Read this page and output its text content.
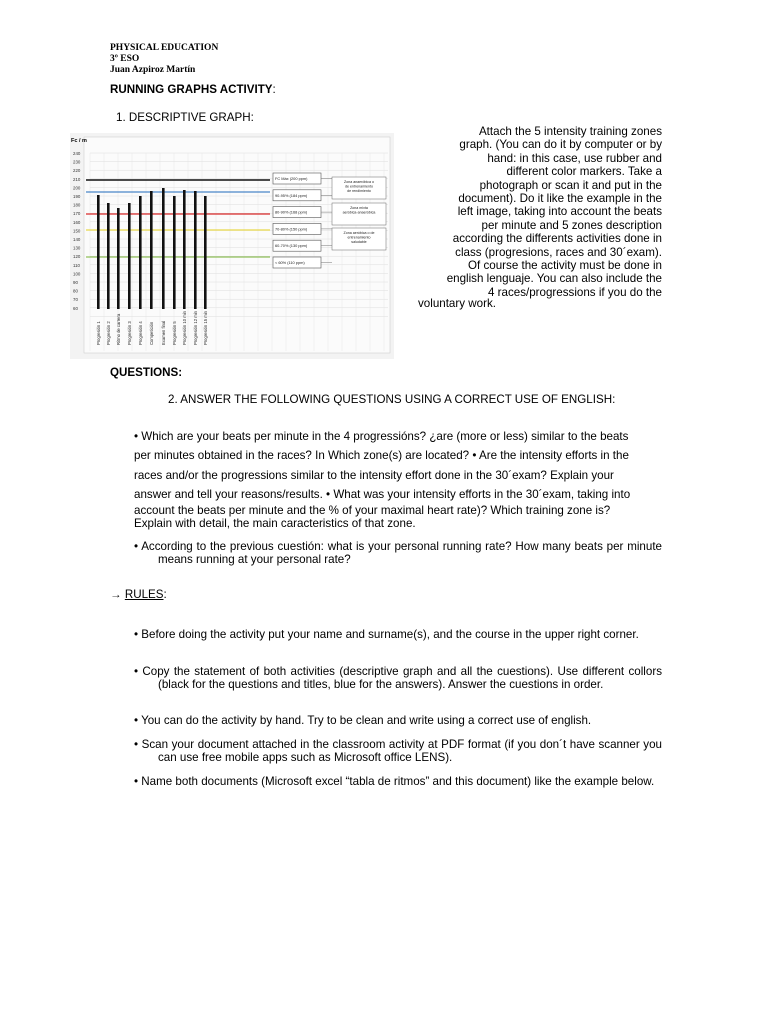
PHYSICAL EDUCATION
3º ESO
Juan Azpiroz Martín
RUNNING GRAPHS ACTIVITY:
1. DESCRIPTIVE GRAPH:
240
230
220
210
200
190
180
170
160
150
140
130
120
110
100
90
80
70
60
Fc / m
Progresión 1 Progresión 2 Ritmo de carrera Progresión 3 Progresión 4 Competición Examen final Progresión 5 Progresión 10 min Progresión 12 min Progresión 15 min
FC Máx (200 ppm)
90-95% (184 ppm)
80-90% (168 ppm)
70-80% (150 ppm)
60-70% (130 ppm)
< 60% (110 ppm)
Zona anaeróbica o
de entrenamiento
de rendimiento
Zona mixta
aeróbica-anaeróbica
Zona aeróbica o de
entrenamiento
saludable
Attach the 5 intensity training zones
graph. (You can do it by computer or by
hand: in this case, use rubber and
different color markers. Take a
photograph or scan it and put in the
document). Do it like the example in the
left image, taking into account the beats
per minute and 5 zones description
according the differents activities done in
class (progresions, races and 30´exam).
Of course the activity must be done in
english lenguaje. You can also include the
4 races/progressions if you do the
voluntary work.
QUESTIONS:
2. ANSWER THE FOLLOWING QUESTIONS USING A CORRECT USE OF ENGLISH:
• Which are your beats per minute in the 4 progressións? ¿are (more or less) similar to the beats
per minutes obtained in the races? In Which zone(s) are located? • Are the intensity efforts in the
races and/or the progressions similar to the intensity effort done in the 30´exam? Explain your
answer and tell your reasons/results. • What was your intensity efforts in the 30´exam, taking into
account the beats per minute and the % of your maximal heart rate)? Which training zone is?
Explain with detail, the main caracteristics of that zone.
• According to the previous cuestión: what is your personal running rate? How many beats per minute means running at your personal rate?
→ RULES:
• Before doing the activity put your name and surname(s), and the course in the upper right corner.
• Copy the statement of both activities (descriptive graph and all the cuestions). Use different collors (black for the questions and titles, blue for the answers). Answer the cuestions in order.
• You can do the activity by hand. Try to be clean and write using a correct use of english.
• Scan your document attached in the classroom activity at PDF format (if you don´t have scanner you can use free mobile apps such as Microsoft office LENS).
• Name both documents (Microsoft excel “tabla de ritmos” and this document) like the example below.
